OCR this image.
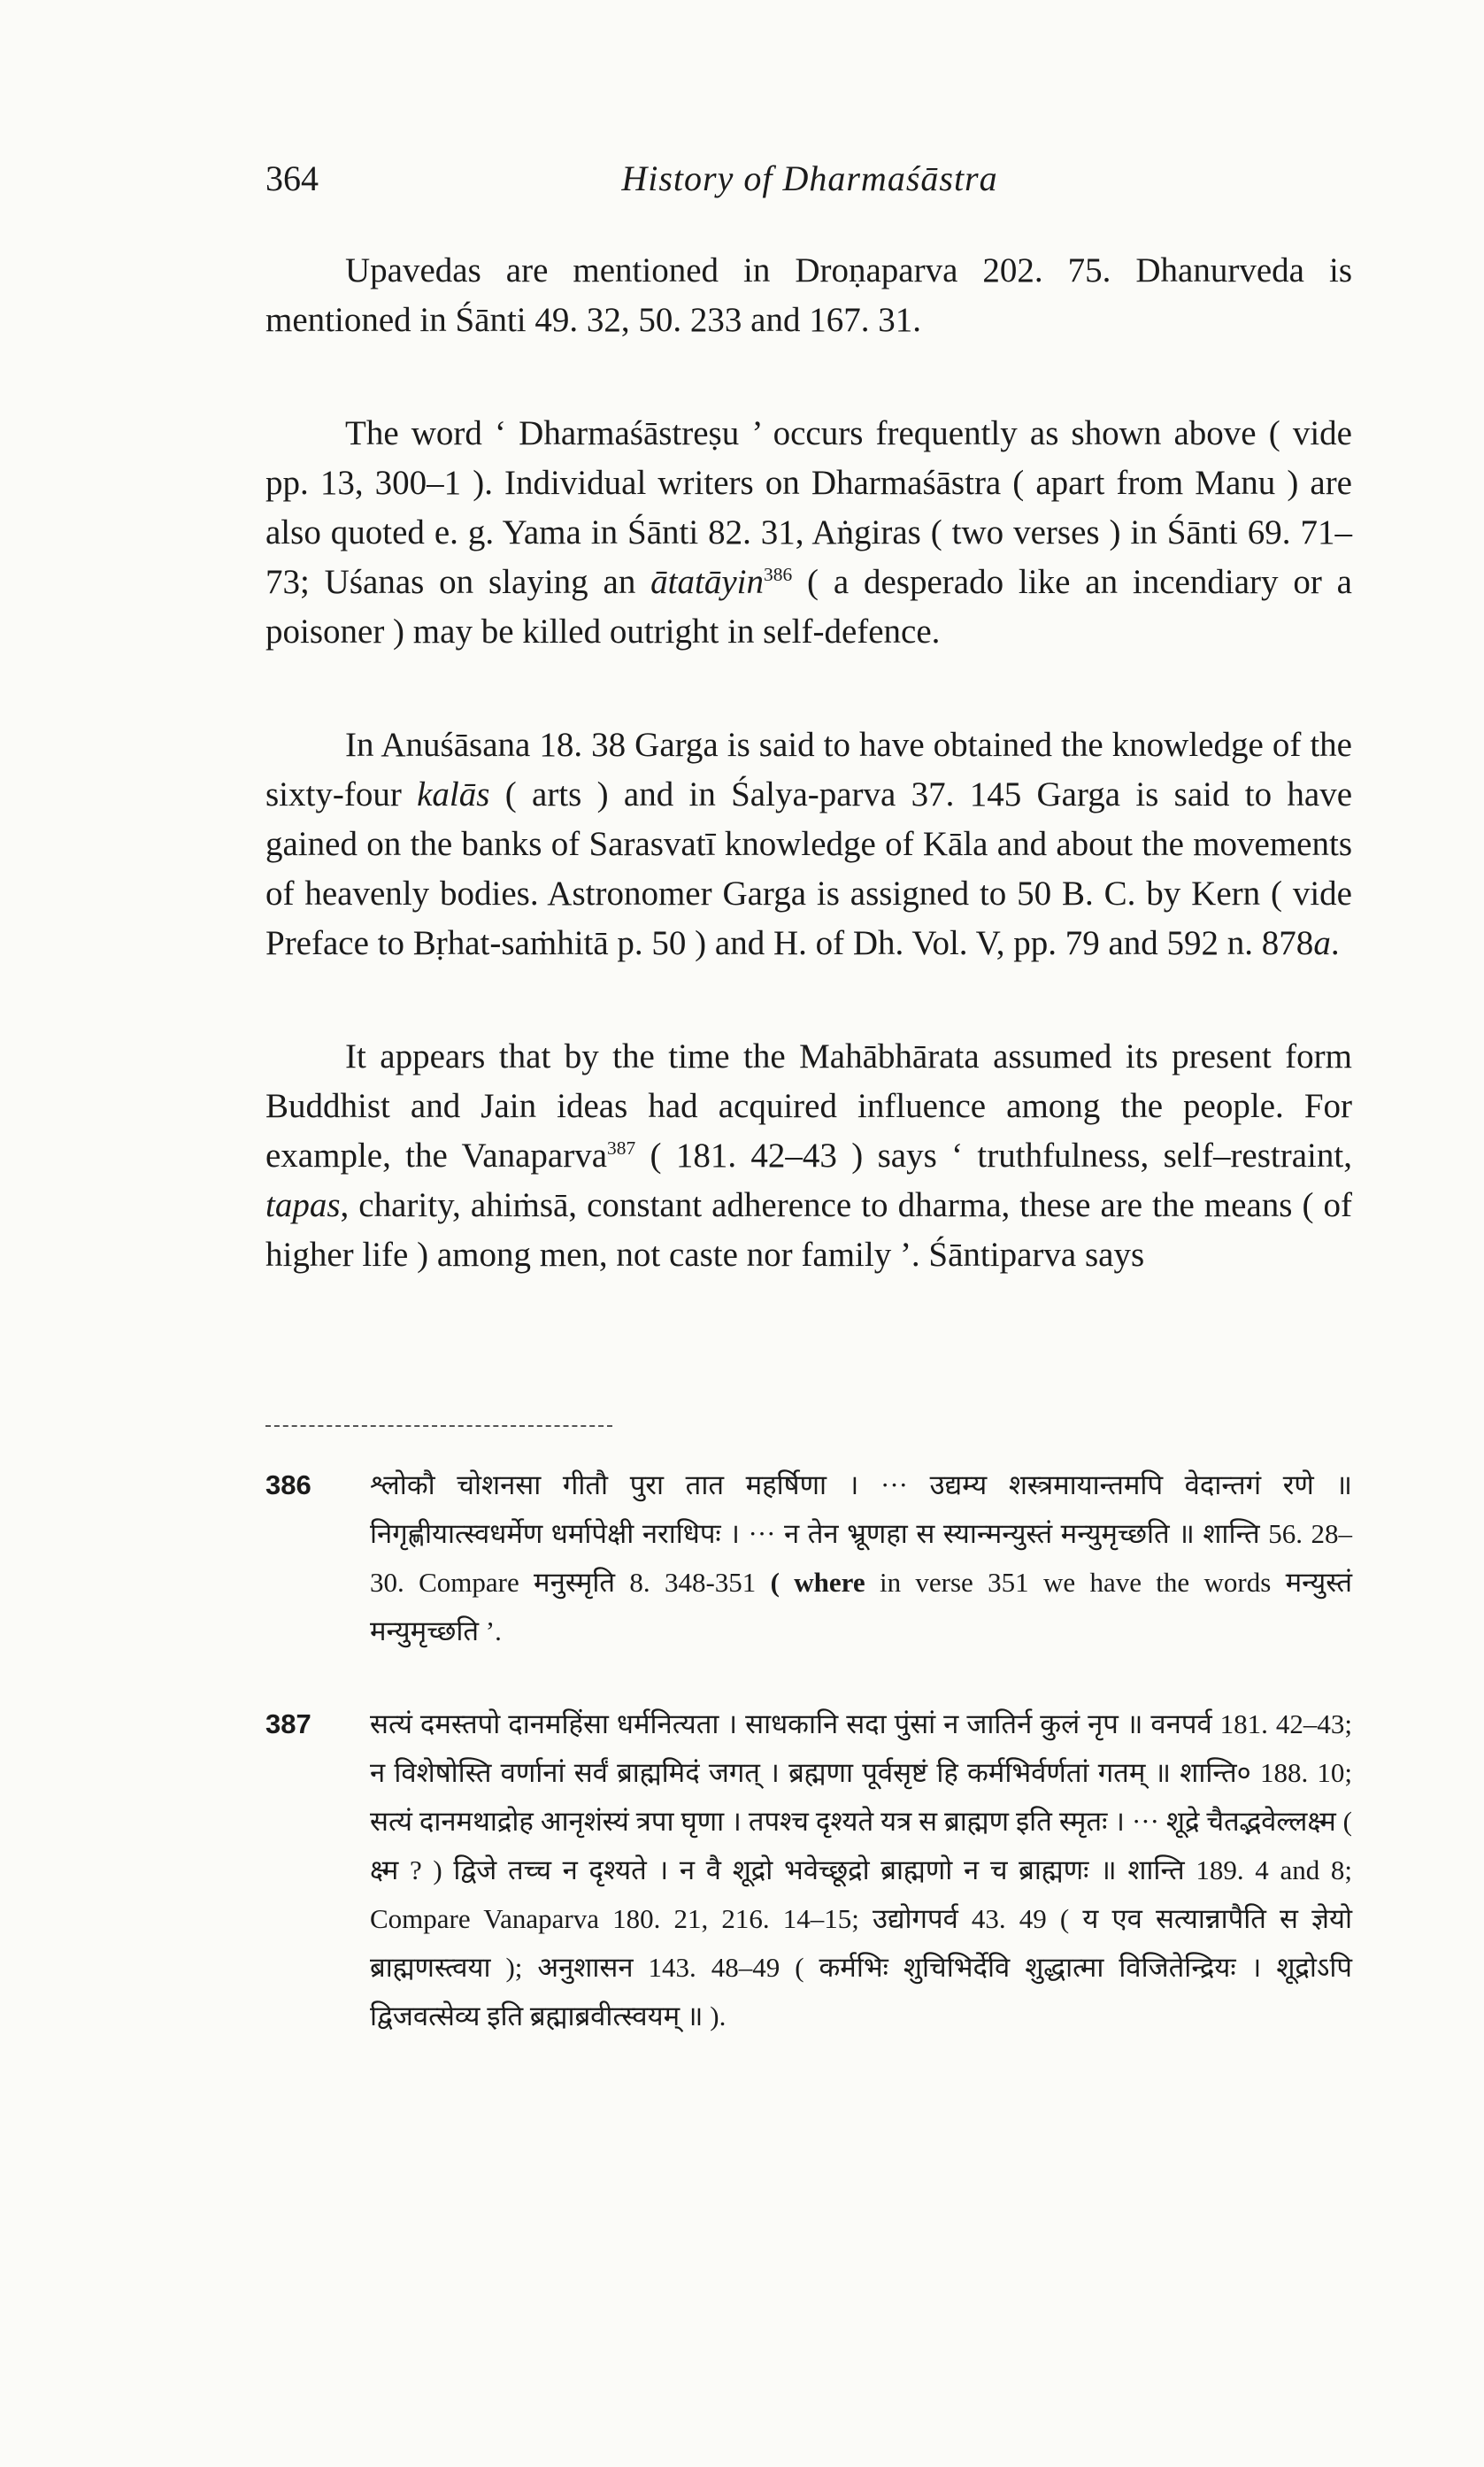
364	History of Dharmaśāstra

Upavedas are mentioned in Droṇaparva 202. 75. Dhanurveda is mentioned in Śānti 49. 32, 50. 233 and 167. 31.

The word ‘ Dharmaśāstreṣu ’ occurs frequently as shown above ( vide pp. 13, 300–1 ). Individual writers on Dharmaśāstra ( apart from Manu ) are also quoted e. g. Yama in Śānti 82. 31, Aṅgiras ( two verses ) in Śānti 69. 71–73; Uśanas on slaying an ātatāyin$^{386}$ ( a desperado like an incendiary or a poisoner ) may be killed outright in self-defence.

In Anuśāsana 18. 38 Garga is said to have obtained the knowledge of the sixty-four kalās ( arts ) and in Śalya-parva 37. 145 Garga is said to have gained on the banks of Sarasvatī knowledge of Kāla and about the movements of heavenly bodies. Astronomer Garga is assigned to 50 B. C. by Kern ( vide Preface to Bṛhat-saṁhitā p. 50 ) and H. of Dh. Vol. V, pp. 79 and 592 n. 878a.

It appears that by the time the Mahābhārata assumed its present form Buddhist and Jain ideas had acquired influence among the people. For example, the Vanaparva$^{387}$ ( 181. 42–43 ) says ‘ truthfulness, self–restraint, tapas, charity, ahiṁsā, constant adherence to dharma, these are the means ( of higher life ) among men, not caste nor family ’. Śāntiparva says

386 श्लोकौ चोशनसा गीतौ पुरा तात महर्षिणा । ··· उद्यम्य शस्त्रमायान्तमपि वेदान्तगं रणे ॥ निगृह्णीयात्स्वधर्मेण धर्मापेक्षी नराधिपः । ··· न तेन भ्रूणहा स स्यान्मन्युस्तं मन्युमृच्छति ॥ शान्ति 56. 28–30. Compare मनुस्मृति 8. 348-351 ( where in verse 351 we have the words मन्युस्तं मन्युमृच्छति ’.
387 सत्यं दमस्तपो दानमहिंसा धर्मनित्यता । साधकानि सदा पुंसां न जातिर्न कुलं नृप ॥ वनपर्व 181. 42–43; न विशेषोस्ति वर्णानां सर्वं ब्राह्ममिदं जगत् । ब्रह्मणा पूर्वसृष्टं हि कर्मभिर्वर्णतां गतम् ॥ शान्ति० 188. 10; सत्यं दानमथाद्रोह आनृशंस्यं त्रपा घृणा । तपश्च दृश्यते यत्र स ब्राह्मण इति स्मृतः । ··· शूद्रे चैतद्भवेल्लक्ष्म ( क्ष्म ? ) द्विजे तच्च न दृश्यते । न वै शूद्रो भवेच्छूद्रो ब्राह्मणो न च ब्राह्मणः ॥ शान्ति 189. 4 and 8; Compare Vanaparva 180. 21, 216. 14–15; उद्योगपर्व 43. 49 ( य एव सत्यान्नापैति स ज्ञेयो ब्राह्मणस्त्वया ); अनुशासन 143. 48–49 ( कर्मभिः शुचिभिर्देवि शुद्धात्मा विजितेन्द्रियः । शूद्रोऽपि द्विजवत्सेव्य इति ब्रह्माब्रवीत्स्वयम् ॥ ).
